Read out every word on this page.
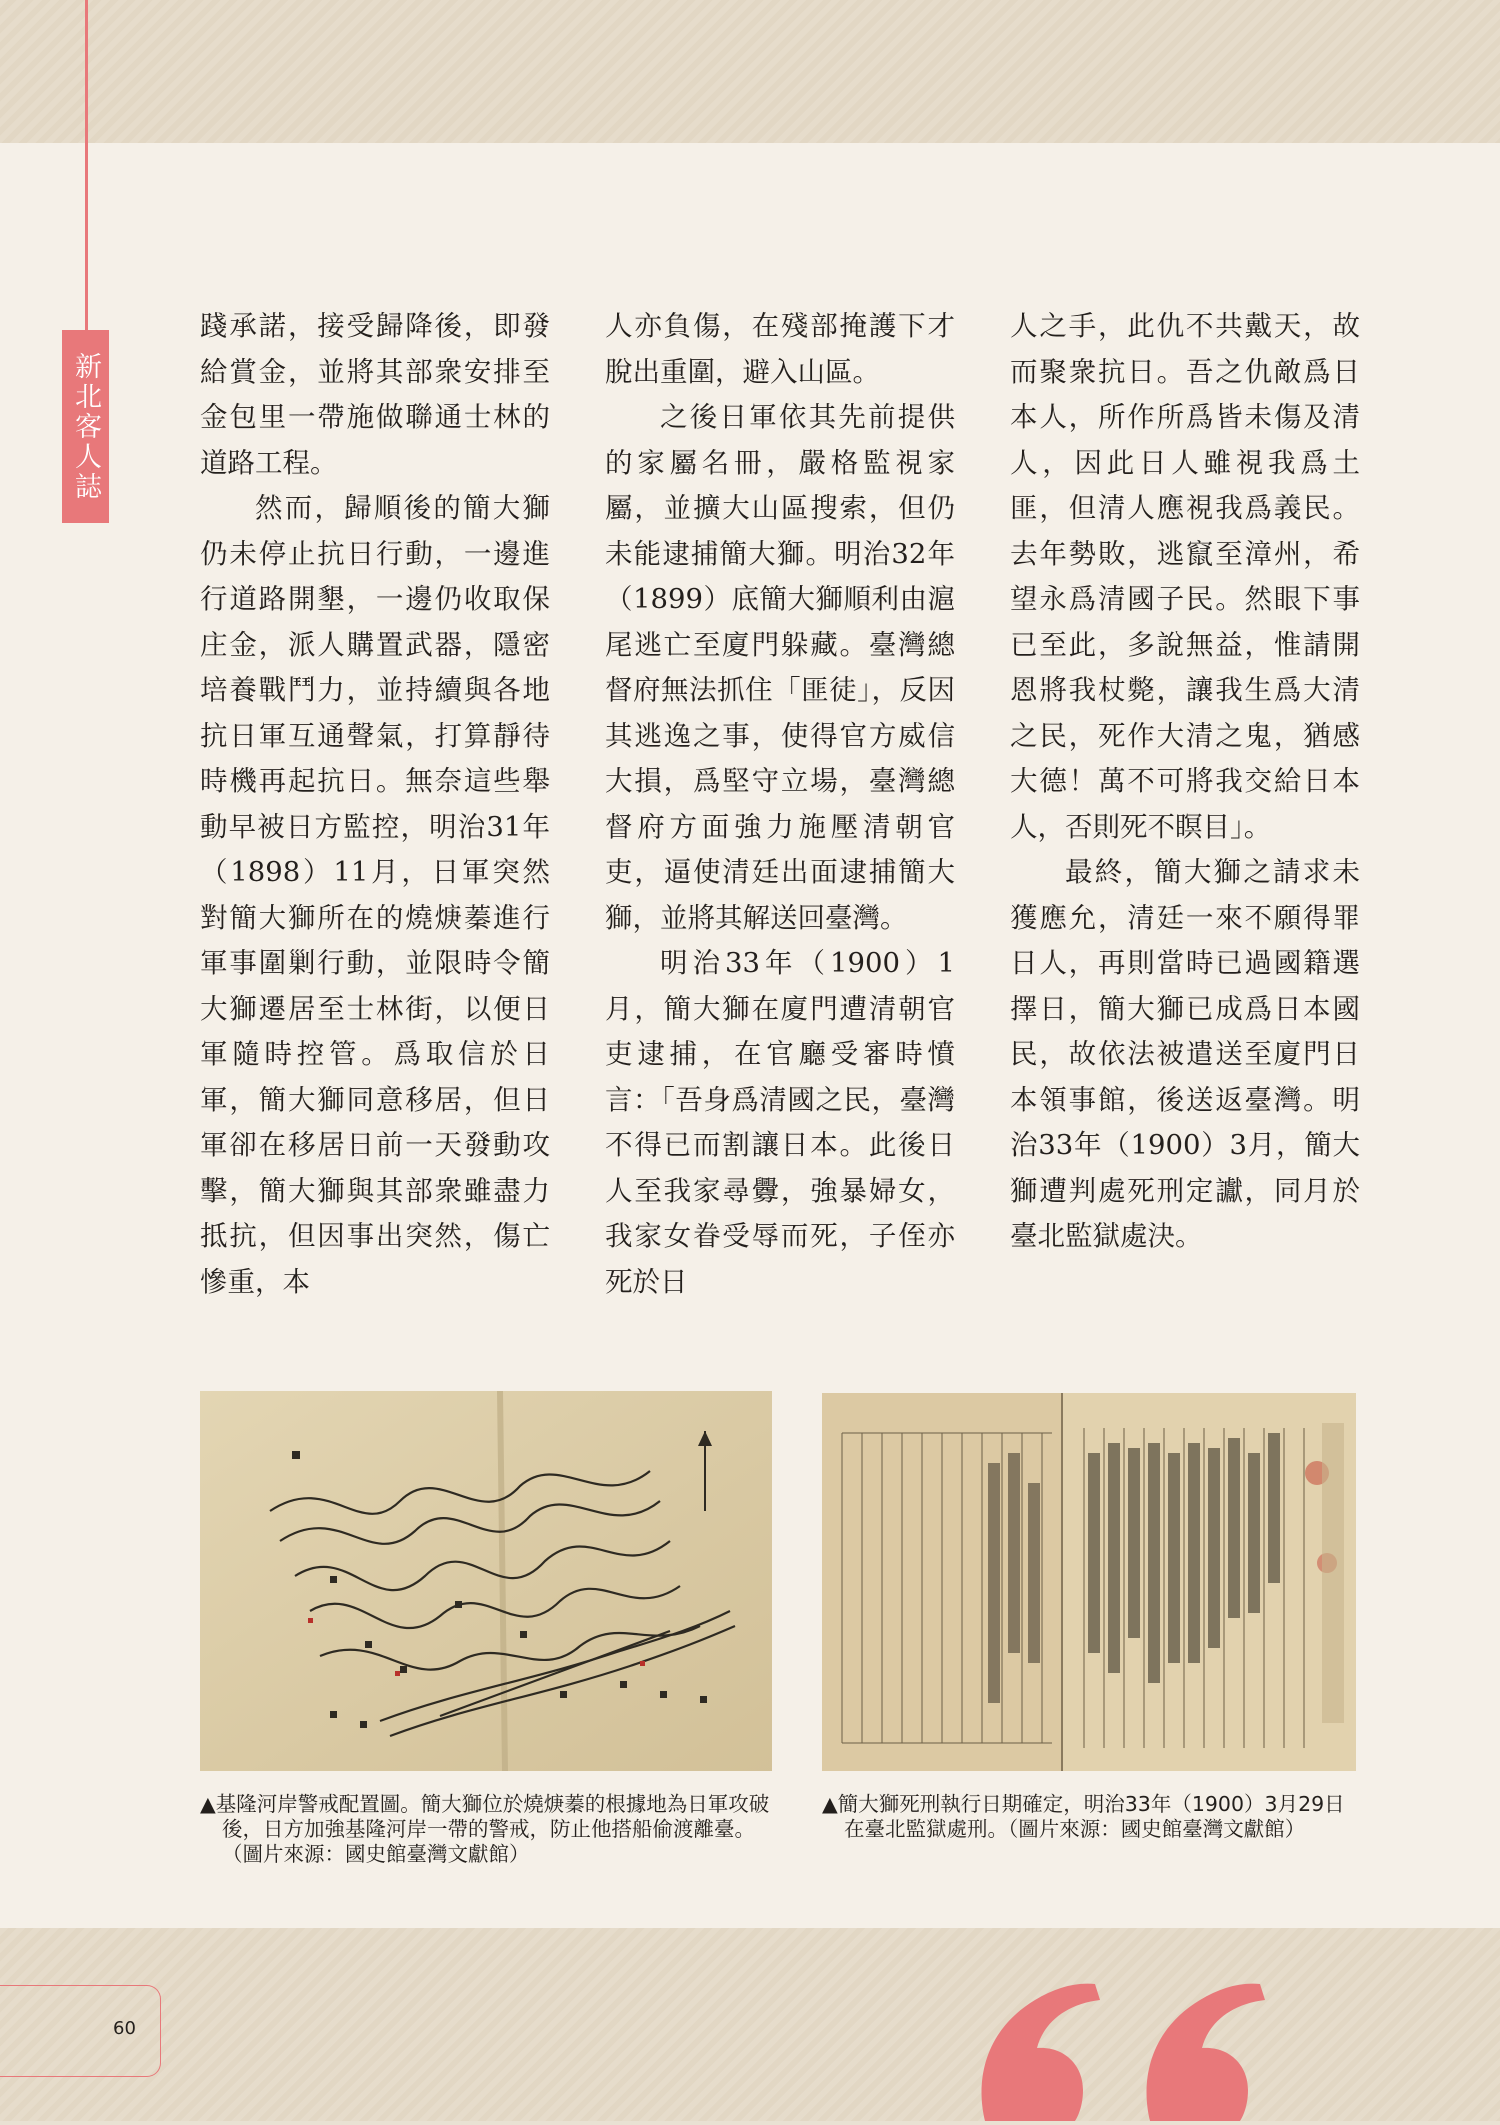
新北客人誌

踐承諾，接受歸降後，即發給賞金，並將其部衆安排至金包里一帶施做聯通士林的道路工程。

然而，歸順後的簡大獅仍未停止抗日行動，一邊進行道路開墾，一邊仍收取保庄金，派人購置武器，隱密培養戰鬥力，並持續與各地抗日軍互通聲氣，打算靜待時機再起抗日。無奈這些舉動早被日方監控，明治31年（1898）11月，日軍突然對簡大獅所在的燒焿蓁進行軍事圍剿行動，並限時令簡大獅遷居至士林街，以便日軍隨時控管。爲取信於日軍，簡大獅同意移居，但日軍卻在移居日前一天發動攻擊，簡大獅與其部衆雖盡力抵抗，但因事出突然，傷亡慘重，本

人亦負傷，在殘部掩護下才脫出重圍，避入山區。

之後日軍依其先前提供的家屬名冊，嚴格監視家屬，並擴大山區搜索，但仍未能逮捕簡大獅。明治32年（1899）底簡大獅順利由滬尾逃亡至廈門躲藏。臺灣總督府無法抓住「匪徒」，反因其逃逸之事，使得官方威信大損，爲堅守立場，臺灣總督府方面強力施壓清朝官吏，逼使清廷出面逮捕簡大獅，並將其解送回臺灣。

明治33年（1900）1月，簡大獅在廈門遭清朝官吏逮捕，在官廳受審時憤言：「吾身爲清國之民，臺灣不得已而割讓日本。此後日人至我家尋釁，強暴婦女，我家女眷受辱而死，子侄亦死於日

人之手，此仇不共戴天，故而聚衆抗日。吾之仇敵爲日本人，所作所爲皆未傷及清人，因此日人雖視我爲土匪，但清人應視我爲義民。去年勢敗，逃竄至漳州，希望永爲清國子民。然眼下事已至此，多說無益，惟請開恩將我杖斃，讓我生爲大清之民，死作大清之鬼，猶感大德！萬不可將我交給日本人，否則死不瞑目」。

最終，簡大獅之請求未獲應允，清廷一來不願得罪日人，再則當時已過國籍選擇日，簡大獅已成爲日本國民，故依法被遣送至廈門日本領事館，後送返臺灣。明治33年（1900）3月，簡大獅遭判處死刑定讞，同月於臺北監獄處決。

▲基隆河岸警戒配置圖。簡大獅位於燒焿蓁的根據地為日軍攻破後，日方加強基隆河岸一帶的警戒，防止他搭船偷渡離臺。（圖片來源：國史館臺灣文獻館）
▲簡大獅死刑執行日期確定，明治33年（1900）3月29日在臺北監獄處刑。（圖片來源：國史館臺灣文獻館）
60
